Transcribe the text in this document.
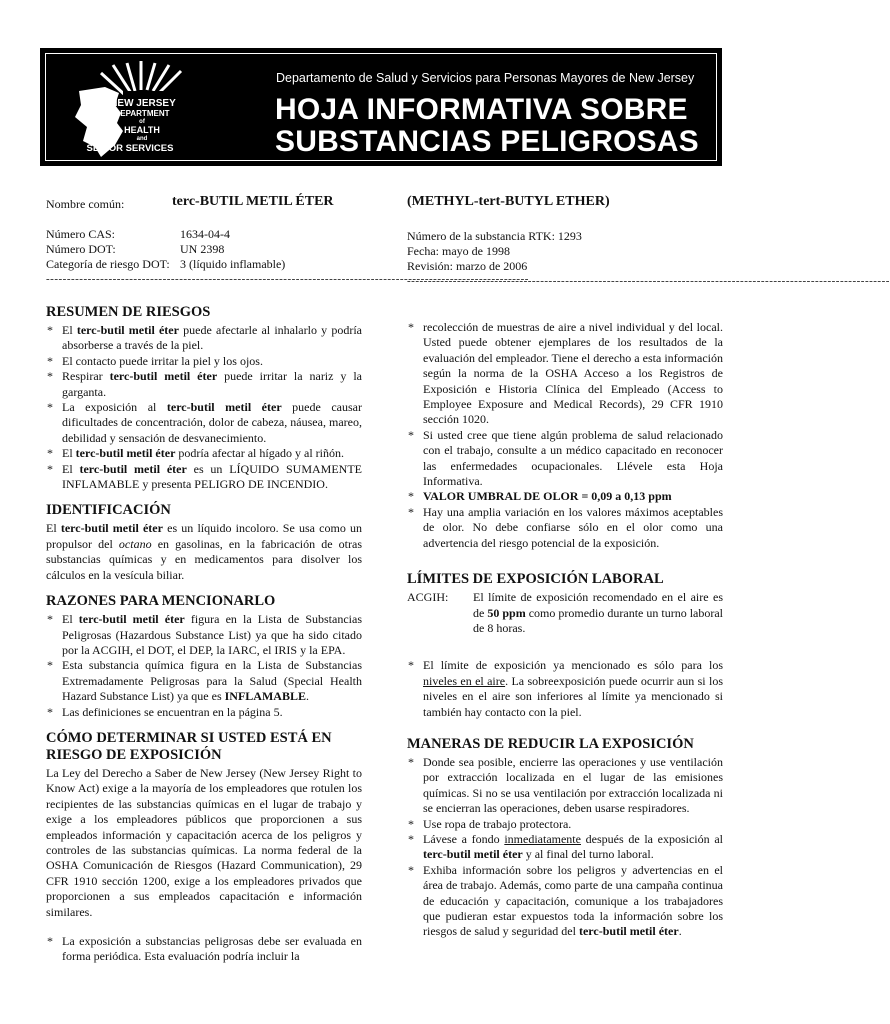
NEW JERSEY
DEPARTMENT
of
HEALTH
and
SENIOR SERVICES
Departamento de Salud y Servicios para Personas Mayores de New Jersey
HOJA INFORMATIVA SOBRE
SUBSTANCIAS PELIGROSAS
Nombre común:	terc-BUTIL METIL ÉTER
Número CAS:	1634-04-4
Número DOT:	UN 2398
Categoría de riesgo DOT: 3 (líquido inflamable)
--------------------------------------------------------------------------------------------------------------------
(METHYL-tert-BUTYL ETHER)
Número de la substancia RTK: 1293
Fecha: mayo de 1998
Revisión: marzo de 2006
--------------------------------------------------------------------------------------------------------------------
RESUMEN DE RIESGOS
* El terc-butil metil éter puede afectarle al inhalarlo y podría absorberse a través de la piel.
* El contacto puede irritar la piel y los ojos.
* Respirar terc-butil metil éter puede irritar la nariz y la garganta.
* La exposición al terc-butil metil éter puede causar dificultades de concentración, dolor de cabeza, náusea, mareo, debilidad y sensación de desvanecimiento.
* El terc-butil metil éter podría afectar al hígado y al riñón.
* El terc-butil metil éter es un LÍQUIDO SUMAMENTE INFLAMABLE y presenta PELIGRO DE INCENDIO.
IDENTIFICACIÓN

El terc-butil metil éter es un líquido incoloro. Se usa como un propulsor del octano en gasolinas, en la fabricación de otras substancias químicas y en medicamentos para disolver los cálculos en la vesícula biliar.

RAZONES PARA MENCIONARLO
* El terc-butil metil éter figura en la Lista de Substancias Peligrosas (Hazardous Substance List) ya que ha sido citado por la ACGIH, el DOT, el DEP, la IARC, el IRIS y la EPA.
* Esta substancia química figura en la Lista de Substancias Extremadamente Peligrosas para la Salud (Special Health Hazard Substance List) ya que es INFLAMABLE.
* Las definiciones se encuentran en la página 5.
CÓMO DETERMINAR SI USTED ESTÁ EN RIESGO DE EXPOSICIÓN

La Ley del Derecho a Saber de New Jersey (New Jersey Right to Know Act) exige a la mayoría de los empleadores que rotulen los recipientes de las substancias químicas en el lugar de trabajo y exige a los empleadores públicos que proporcionen a sus empleados información y capacitación acerca de los peligros y controles de las substancias químicas. La norma federal de la OSHA Comunicación de Riesgos (Hazard Communication), 29 CFR 1910 sección 1200, exige a los empleadores privados que proporcionen a sus empleados capacitación e información similares.

* La exposición a substancias peligrosas debe ser evaluada en forma periódica. Esta evaluación podría incluir la
* recolección de muestras de aire a nivel individual y del local. Usted puede obtener ejemplares de los resultados de la evaluación del empleador. Tiene el derecho a esta información según la norma de la OSHA Acceso a los Registros de Exposición e Historia Clínica del Empleado (Access to Employee Exposure and Medical Records), 29 CFR 1910 sección 1020.
* Si usted cree que tiene algún problema de salud relacionado con el trabajo, consulte a un médico capacitado en reconocer las enfermedades ocupacionales. Llévele esta Hoja Informativa.
* VALOR UMBRAL DE OLOR = 0,09 a 0,13 ppm
* Hay una amplia variación en los valores máximos aceptables de olor. No debe confiarse sólo en el olor como una advertencia del riesgo potencial de la exposición.
LÍMITES DE EXPOSICIÓN LABORAL
ACGIH:	El límite de exposición recomendado en el aire es de 50 ppm como promedio durante un turno laboral de 8 horas.
* El límite de exposición ya mencionado es sólo para los niveles en el aire. La sobreexposición puede ocurrir aun si los niveles en el aire son inferiores al límite ya mencionado si también hay contacto con la piel.
MANERAS DE REDUCIR LA EXPOSICIÓN
* Donde sea posible, encierre las operaciones y use ventilación por extracción localizada en el lugar de las emisiones químicas. Si no se usa ventilación por extracción localizada ni se encierran las operaciones, deben usarse respiradores.
* Use ropa de trabajo protectora.
* Lávese a fondo inmediatamente después de la exposición al terc-butil metil éter y al final del turno laboral.
* Exhiba información sobre los peligros y advertencias en el área de trabajo. Además, como parte de una campaña continua de educación y capacitación, comunique a los trabajadores que pudieran estar expuestos toda la información sobre los riesgos de salud y seguridad del terc-butil metil éter.
